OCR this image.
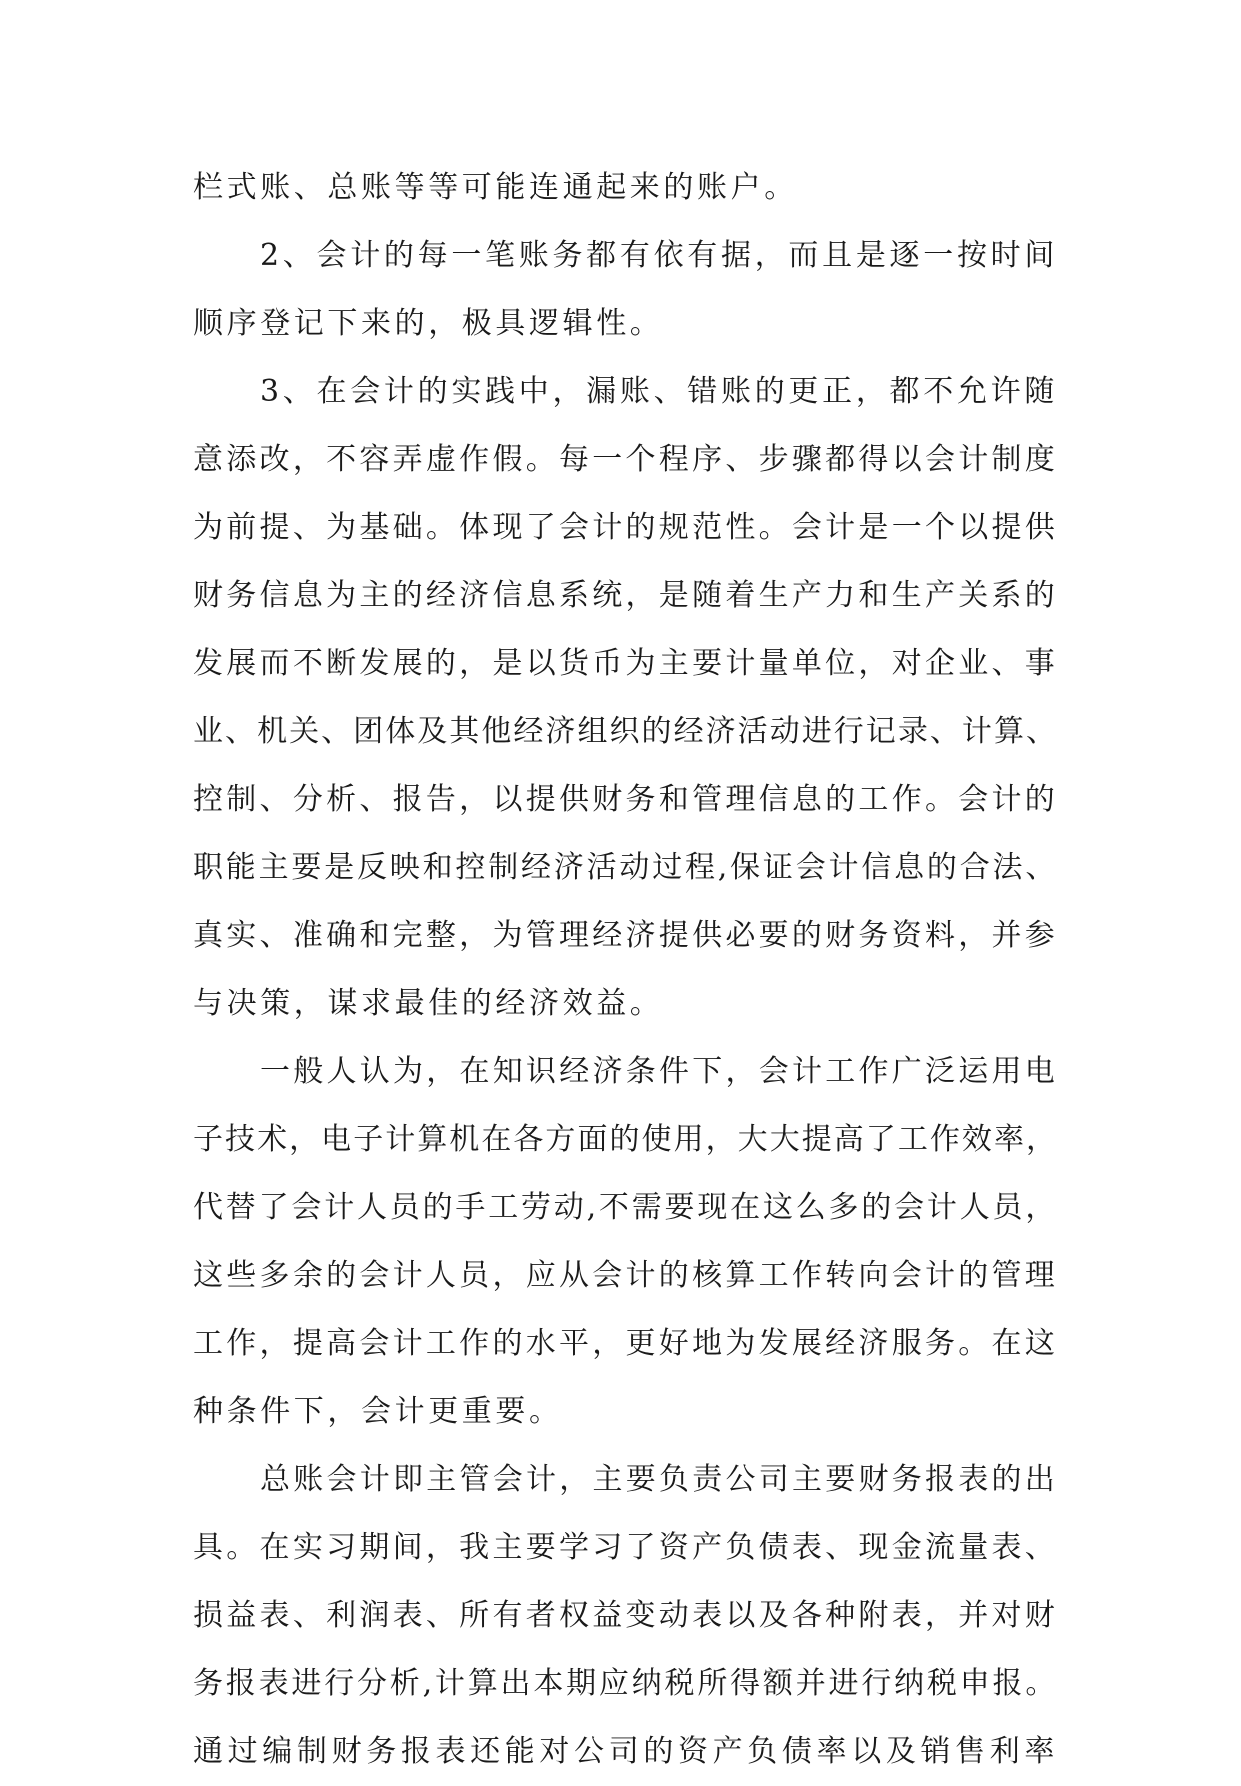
栏式账、总账等等可能连通起来的账户。

2、会计的每一笔账务都有依有据，而且是逐一按时间
顺序登记下来的，极具逻辑性。

3、在会计的实践中，漏账、错账的更正，都不允许随
意添改，不容弄虚作假。每一个程序、步骤都得以会计制度
为前提、为基础。体现了会计的规范性。会计是一个以提供
财务信息为主的经济信息系统，是随着生产力和生产关系的
发展而不断发展的，是以货币为主要计量单位，对企业、事
业、机关、团体及其他经济组织的经济活动进行记录、计算、
控制、分析、报告，以提供财务和管理信息的工作。会计的
职能主要是反映和控制经济活动过程,保证会计信息的合法、
真实、准确和完整，为管理经济提供必要的财务资料，并参
与决策，谋求最佳的经济效益。

一般人认为，在知识经济条件下，会计工作广泛运用电
子技术，电子计算机在各方面的使用，大大提高了工作效率，
代替了会计人员的手工劳动,不需要现在这么多的会计人员，
这些多余的会计人员，应从会计的核算工作转向会计的管理
工作，提高会计工作的水平，更好地为发展经济服务。在这
种条件下，会计更重要。

总账会计即主管会计，主要负责公司主要财务报表的出
具。在实习期间，我主要学习了资产负债表、现金流量表、
损益表、利润表、所有者权益变动表以及各种附表，并对财
务报表进行分析,计算出本期应纳税所得额并进行纳税申报。
通过编制财务报表还能对公司的资产负债率以及销售利率
